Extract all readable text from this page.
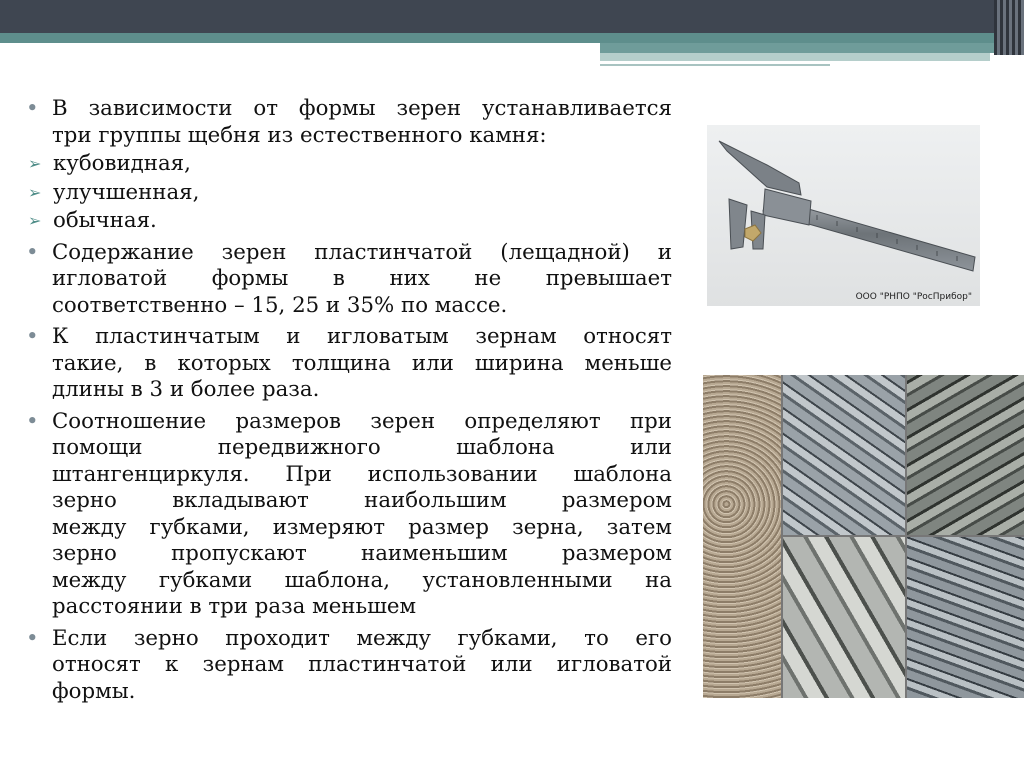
• В зависимости от формы зерен устанавливается
три группы щебня из естественного камня:
➢ кубовидная,
➢ улучшенная,
➢ обычная.
• Содержание зерен пластинчатой (лещадной) и
игловатой формы в них не превышает
соответственно – 15, 25 и 35% по массе.
• К пластинчатым и игловатым зернам относят
такие, в которых толщина или ширина меньше
длины в 3 и более раза.
• Соотношение размеров зерен определяют при
помощи передвижного шаблона или
штангенциркуля. При использовании шаблона
зерно вкладывают наибольшим размером
между губками, измеряют размер зерна, затем
зерно пропускают наименьшим размером
между губками шаблона, установленными на
расстоянии в три раза меньшем
• Если зерно проходит между губками, то его
относят к зернам пластинчатой или игловатой
формы.
ООО "РНПО "РосПрибор"
